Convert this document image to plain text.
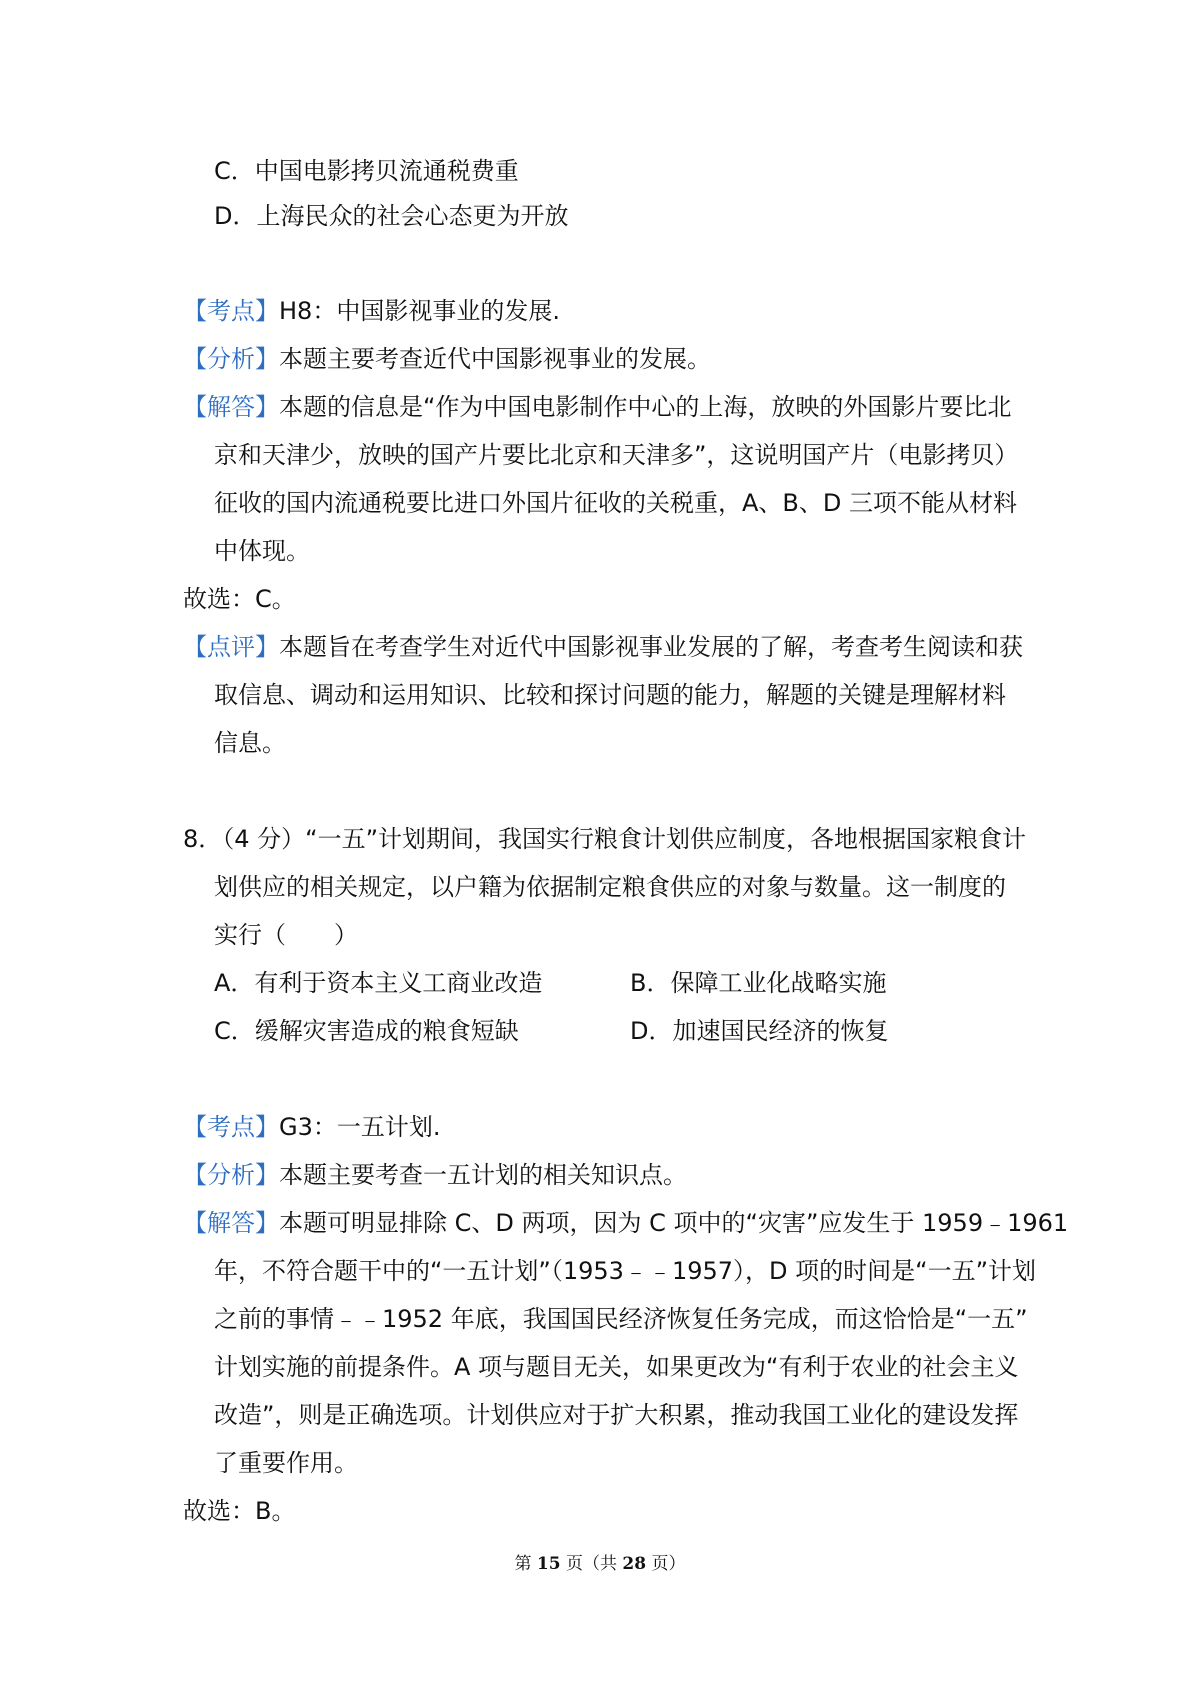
C．中国电影拷贝流通税费重
D．上海民众的社会心态更为开放
【考点】H8：中国影视事业的发展.
【分析】本题主要考查近代中国影视事业的发展。
【解答】本题的信息是“作为中国电影制作中心的上海，放映的外国影片要比北
京和天津少，放映的国产片要比北京和天津多”，这说明国产片（电影拷贝）
征收的国内流通税要比进口外国片征收的关税重，A、B、D 三项不能从材料
中体现。
故选：C。
【点评】本题旨在考查学生对近代中国影视事业发展的了解，考查考生阅读和获
取信息、调动和运用知识、比较和探讨问题的能力，解题的关键是理解材料
信息。
8．（4 分）“一五”计划期间，我国实行粮食计划供应制度，各地根据国家粮食计
划供应的相关规定，以户籍为依据制定粮食供应的对象与数量。这一制度的
实行（　　）
A．有利于资本主义工商业改造	B．保障工业化战略实施
C．缓解灾害造成的粮食短缺	D．加速国民经济的恢复
【考点】G3：一五计划.
【分析】本题主要考查一五计划的相关知识点。
【解答】本题可明显排除 C、D 两项，因为 C 项中的“灾害”应发生于 1959﹣1961
年，不符合题干中的“一五计划”（1953﹣﹣1957），D 项的时间是“一五”计划
之前的事情﹣﹣1952 年底，我国国民经济恢复任务完成，而这恰恰是“一五”
计划实施的前提条件。A 项与题目无关，如果更改为“有利于农业的社会主义
改造”，则是正确选项。计划供应对于扩大积累，推动我国工业化的建设发挥
了重要作用。
故选：B。
第 15 页（共 28 页）
